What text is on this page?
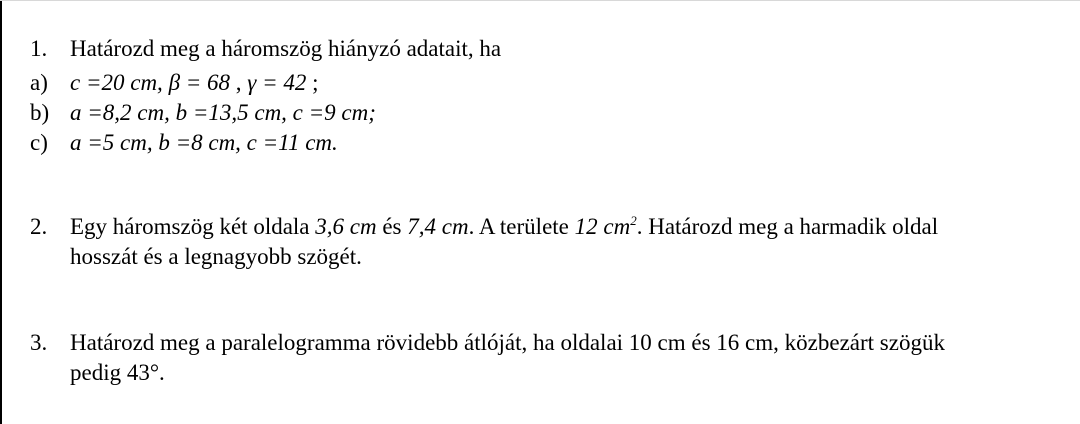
1. Határozd meg a háromszög hiányzó adatait, ha
a) c =20 cm, β = 68 , γ = 42 ;
b) a =8,2 cm, b =13,5 cm, c =9 cm;
c) a =5 cm, b =8 cm, c =11 cm.
2. Egy háromszög két oldala 3,6 cm és 7,4 cm. A területe 12 $cm^2$. Határozd meg a harmadik oldal
hosszát és a legnagyobb szögét.
3. Határozd meg a paralelogramma rövidebb átlóját, ha oldalai 10 cm és 16 cm, közbezárt szögük
pedig 43°.
